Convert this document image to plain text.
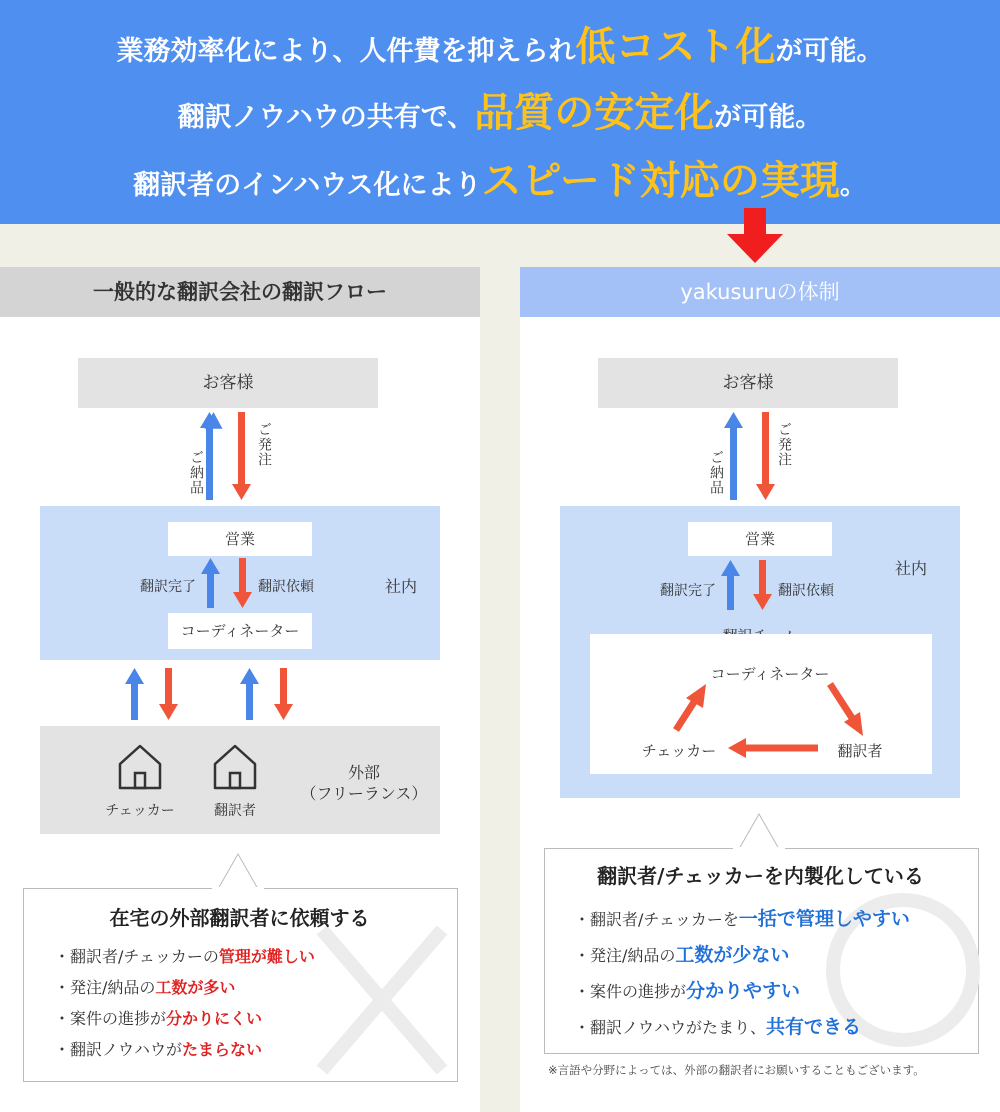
業務効率化により、人件費を抑えられ低コスト化が可能。
翻訳ノウハウの共有で、品質の安定化が可能。
翻訳者のインハウス化によりスピード対応の実現。
一般的な翻訳会社の翻訳フロー	yakusuruの体制
お客様
ご納品
ご発注
営業
翻訳完了	翻訳依頼
コーディネーター
社内
チェッカー	翻訳者
外部
（フリーランス）
在宅の外部翻訳者に依頼する
・翻訳者/チェッカーの管理が難しい
・発注/納品の工数が多い
・案件の進捗が分かりにくい
・翻訳ノウハウがたまらない
お客様
ご納品
ご発注
営業
翻訳完了	翻訳依頼
社内
コーディネーター
翻訳者
チェッカー
翻訳者/チェッカーを内製化している
・翻訳者/チェッカーを一括で管理しやすい
・発注/納品の工数が少ない
・案件の進捗が分かりやすい
・翻訳ノウハウがたまり、共有できる
※言語や分野によっては、外部の翻訳者にお願いすることもございます。
